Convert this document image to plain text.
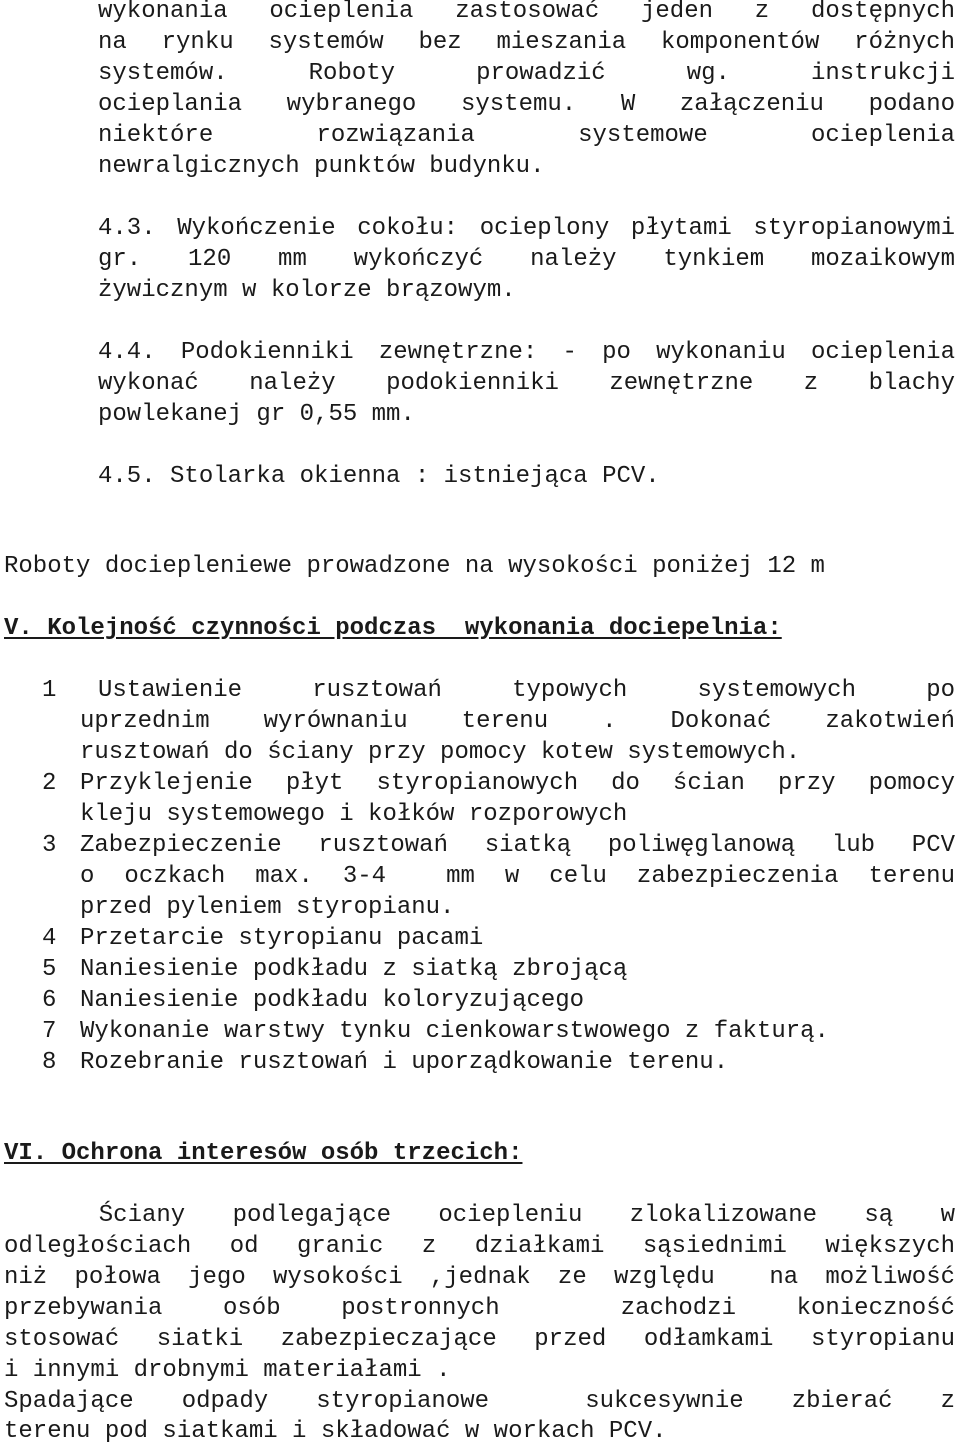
wykonania ocieplenia zastosować jeden z dostępnych
na rynku systemów bez mieszania komponentów różnych
systemów. Roboty prowadzić wg. instrukcji
ocieplania wybranego systemu. W załączeniu podano
niektóre rozwiązania systemowe ocieplenia
newralgicznych punktów budynku.
4.3. Wykończenie cokołu: ocieplony płytami styropianowymi
gr. 120 mm wykończyć należy tynkiem mozaikowym
żywicznym w kolorze brązowym.
4.4. Podokienniki zewnętrzne: - po wykonaniu ocieplenia
wykonać należy podokienniki zewnętrzne z blachy
powlekanej gr 0,55 mm.
4.5. Stolarka okienna : istniejąca PCV.
Roboty docieplenie​we prowadzone na wysokości poniżej 12 m
V. Kolejność czynności podczas  wykonania dociepelnia:
1 Ustawienie rusztowań typowych systemowych po
uprzednim wyrównaniu terenu . Dokonać zakotwień
rusztowań do ściany przy pomocy kotew systemowych.
2 Przyklejenie płyt styropianowych do ścian przy pomocy
kleju systemowego i kołków rozporowych
3 Zabezpieczenie rusztowań siatką poliwęglanową lub PCV
o oczkach max. 3-4  mm w celu zabezpieczenia terenu
przed pyleniem styropianu.
4 Przetarcie styropianu pacami
5 Naniesienie podkładu z siatką zbrojącą
6 Naniesienie podkładu koloryzującego
7 Wykonanie warstwy tynku cienkowarstwowego z fakturą.
8 Rozebranie rusztowań i uporządkowanie terenu.
VI. Ochrona interesów osób trzecich:
Ściany podlegające ociepleniu zlokalizowane są w
odległościach od granic z działkami sąsiednimi większych
niż połowa jego wysokości ,jednak ze względu  na możliwość
przebywania osób postronnych  zachodzi konieczność
stosować siatki zabezpieczające przed odłamkami styropianu
i innymi drobnymi materiałami .
Spadające odpady styropianowe  sukcesywnie zbierać z
terenu pod siatkami i składować w workach PCV.
